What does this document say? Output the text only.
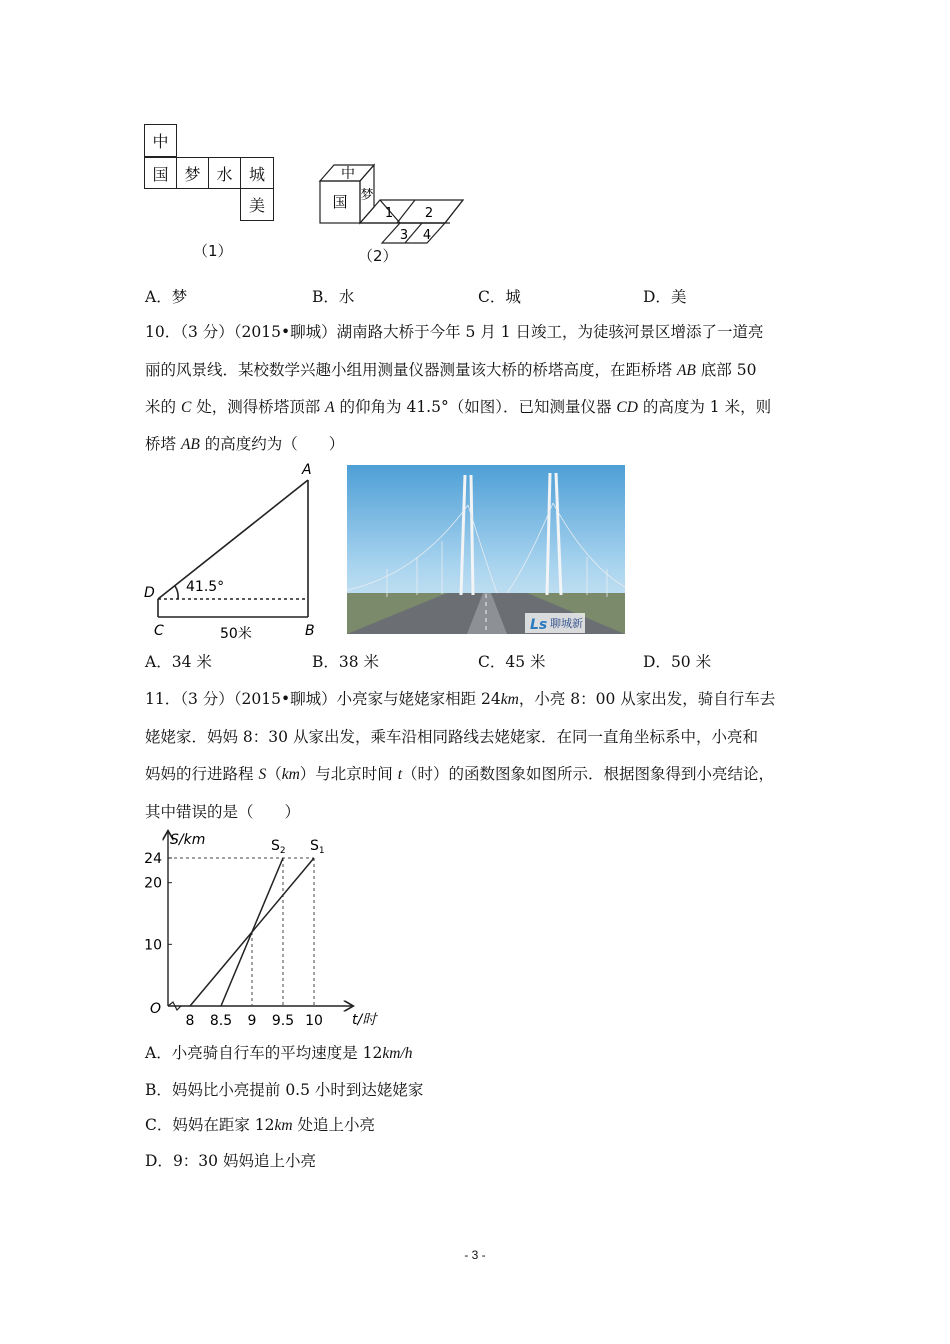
中
国 梦 水	城
美
（1）
国
中
梦
1 2
3 4
（2）
A．梦	B．水	C．城	D．美
10．（3 分）（2015•聊城）湖南路大桥于今年 5 月 1 日竣工，为徒骇河景区增添了一道亮
丽的风景线．某校数学兴趣小组用测量仪器测量该大桥的桥塔高度，在距桥塔 AB 底部 50
米的 C 处，测得桥塔顶部 A 的仰角为 41.5°（如图）．已知测量仪器 CD 的高度为 1 米，则
桥塔 AB 的高度约为（　　）
A
B
C
D 41.5°
50米
聊城新
Ls
A．34 米	B．38 米	C．45 米	D．50 米
11．（3 分）（2015•聊城）小亮家与姥姥家相距 24km，小亮 8：00 从家出发，骑自行车去
姥姥家．妈妈 8：30 从家出发，乘车沿相同路线去姥姥家．在同一直角坐标系中，小亮和
妈妈的行进路程 S（km）与北京时间 t（时）的函数图象如图所示．根据图象得到小亮结论，
其中错误的是（　　）
$S_1$
$S_2$
8 8.5 9 9.5 10
10
20
24
S/km
t/时
O
A．小亮骑自行车的平均速度是 12km/h
B．妈妈比小亮提前 0.5 小时到达姥姥家
C．妈妈在距家 12km 处追上小亮
D．9：30 妈妈追上小亮
- 3 -
